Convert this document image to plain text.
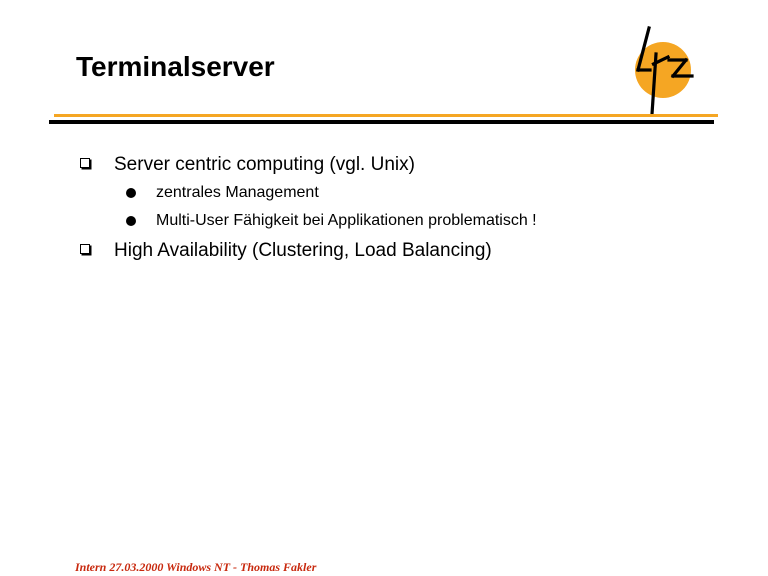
Terminalserver
Server centric computing (vgl. Unix)
zentrales Management
Multi-User Fähigkeit bei Applikationen problematisch !
High Availability (Clustering, Load Balancing)
Intern 27.03.2000 Windows NT - Thomas Fakler
